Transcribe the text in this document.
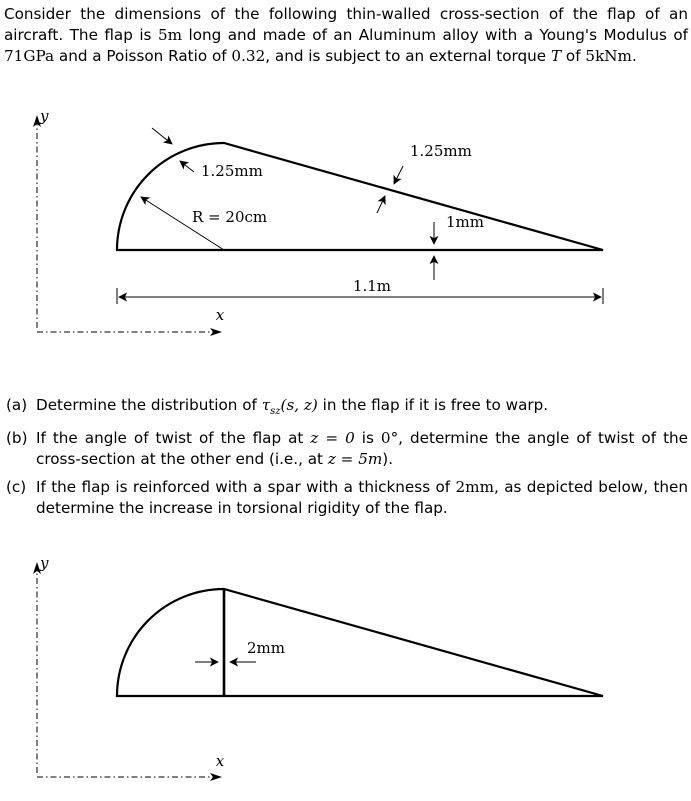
Consider the dimensions of the following thin-walled cross-section of the flap of an aircraft. The flap is 5m long and made of an Aluminum alloy with a Young's Modulus of 71GPa and a Poisson Ratio of 0.32, and is subject to an external torque T of 5kNm.
y
x
R = 20cm
1.25mm
1.25mm
1mm
1.1m
(a) Determine the distribution of $\tau_{sz}(s$, z) in the flap if it is free to warp.
(b) If the angle of twist of the flap at z = 0 is 0°, determine the angle of twist of the cross-section at the other end (i.e., at z = 5m).
(c) If the flap is reinforced with a spar with a thickness of 2mm, as depicted below, then determine the increase in torsional rigidity of the flap.
y
x
2mm
